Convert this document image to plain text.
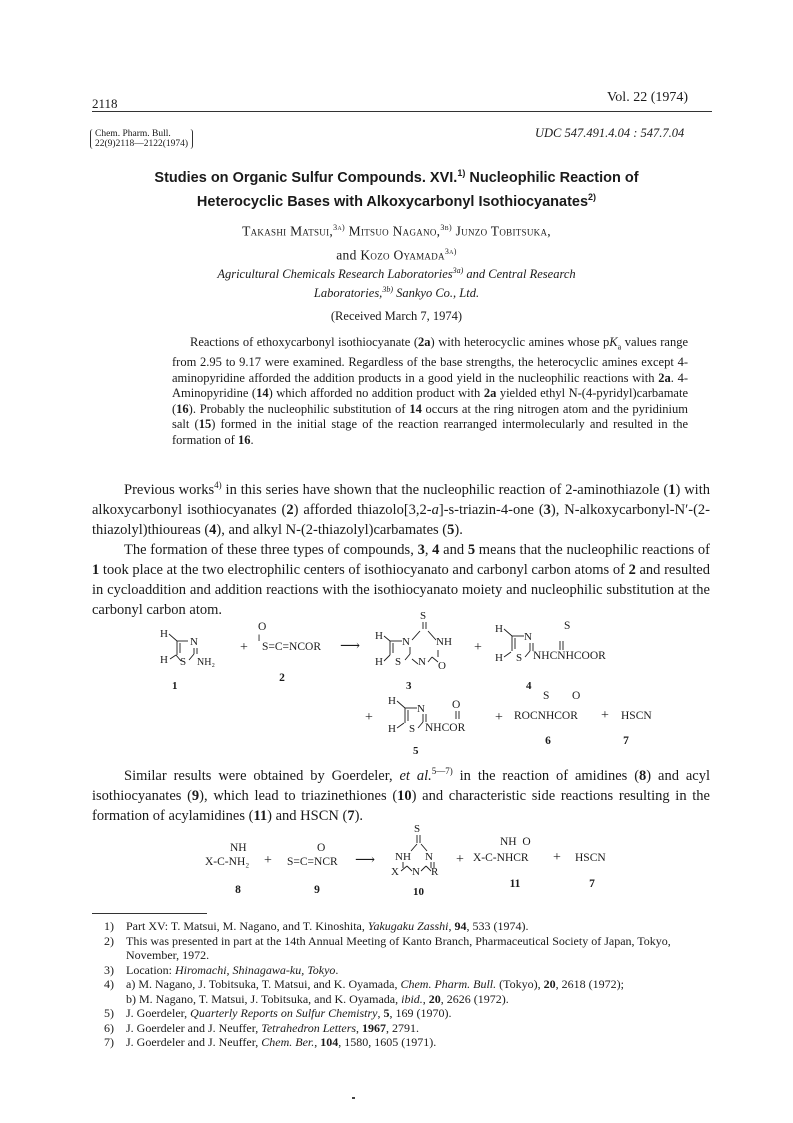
2118	Vol. 22 (1974)
Chem. Pharm. Bull.
22(9)2118—2122(1974)
UDC 547.491.4.04 : 547.7.04
Studies on Organic Sulfur Compounds. XVI.$^{1)}$ Nucleophilic Reaction of
Heterocyclic Bases with Alkoxycarbonyl Isothiocyanates$^{2)}$
Takashi Matsui,$^{3a)}$ Mitsuo Nagano,$^{3b)}$ Junzo Tobitsuka,
and Kozo Oyamada$^{3a)}$
Agricultural Chemicals Research Laboratories$^{3a)}$ and Central Research
Laboratories,$^{3b)}$ Sankyo Co., Ltd.
(Received March 7, 1974)
Reactions of ethoxycarbonyl isothiocyanate (2a) with heterocyclic amines whose $pK_a$ values range from 2.95 to 9.17 were examined. Regardless of the base strengths, the heterocyclic amines except 4-aminopyridine afforded the addition products in a good yield in the nucleophilic reactions with 2a. 4-Aminopyridine (14) which afforded no addition product with 2a yielded ethyl N-(4-pyridyl)carbamate (16). Probably the nucleophilic substitution of 14 occurs at the ring nitrogen atom and the pyridinium salt (15) formed in the initial stage of the reaction rearranged intermolecularly and resulted in the formation of 16.

Previous works$^{4)}$ in this series have shown that the nucleophilic reaction of 2-aminothiazole (1) with alkoxycarbonyl isothiocyanates (2) afforded thiazolo[3,2-a]-s-triazin-4-one (3), N-alkoxycarbonyl-N′-(2-thiazolyl)thioureas (4), and alkyl N-(2-thiazolyl)carbamates (5).

The formation of these three types of compounds, 3, 4 and 5 means that the nucleophilic reactions of 1 took place at the two electrophilic centers of isothiocyanato and carbonyl carbon atoms of 2 and resulted in cycloaddition and addition reactions with the isothiocyanato moiety and nucleophilic substitution at the carbonyl carbon atom.

H
N
H S NH₂
1
+
O
‖
S=C=NCOR
2
⟶
S
H N NH
H S N O
3
+
H
N
H S
4
S
NHCNHCOOR
+
H
N
H S
5
O
NHCOR
+
S O
ROCNHCOR
6
+ HSCN
7

Similar results were obtained by Goerdeler, et al.$^{5—7)}$ in the reaction of amidines (8) and acyl isothiocyanates (9), which lead to triazinethiones (10) and characteristic side reactions resulting in the formation of acylamidines (11) and HSCN (7).

NH
X-C-NH₂
8
+
O
S=C=NCR
9
⟶
S
NH N
X N R
10
+
NH  O
X-C-NHCR
11
+ HSCN
7
1)	Part XV: T. Matsui, M. Nagano, and T. Kinoshita, Yakugaku Zasshi, 94, 533 (1974).
2)	This was presented in part at the 14th Annual Meeting of Kanto Branch, Pharmaceutical Society of Japan, Tokyo, November, 1972.
3)	Location: Hiromachi, Shinagawa-ku, Tokyo.
4)	a) M. Nagano, J. Tobitsuka, T. Matsui, and K. Oyamada, Chem. Pharm. Bull. (Tokyo), 20, 2618 (1972);
b) M. Nagano, T. Matsui, J. Tobitsuka, and K. Oyamada, ibid., 20, 2626 (1972).
5)	J. Goerdeler, Quarterly Reports on Sulfur Chemistry, 5, 169 (1970).
6)	J. Goerdeler and J. Neuffer, Tetrahedron Letters, 1967, 2791.
7)	J. Goerdeler and J. Neuffer, Chem. Ber., 104, 1580, 1605 (1971).
